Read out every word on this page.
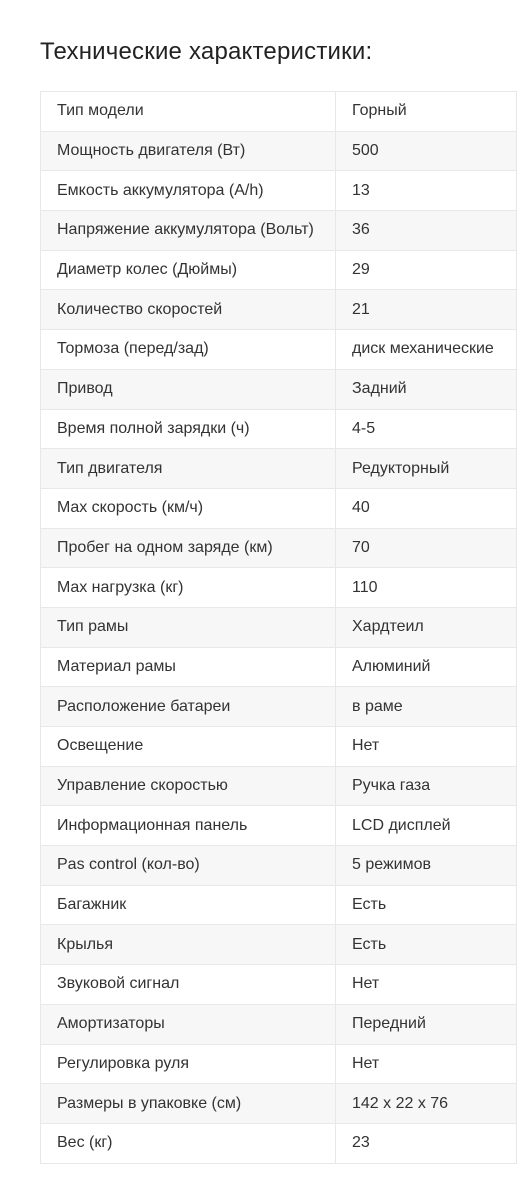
Технические характеристики:
Тип модели	Горный
Мощность двигателя (Вт)	500
Емкость аккумулятора (A/h)	13
Напряжение аккумулятора (Вольт)	36
Диаметр колес (Дюймы)	29
Количество скоростей	21
Тормоза (перед/зад)	диск механические
Привод	Задний
Время полной зарядки (ч)	4-5
Тип двигателя	Редукторный
Max скорость (км/ч)	40
Пробег на одном заряде (км)	70
Max нагрузка (кг)	110
Тип рамы	Хардтеил
Материал рамы	Алюминий
Расположение батареи	в раме
Освещение	Нет
Управление скоростью	Ручка газа
Информационная панель	LCD дисплей
Pas control (кол-во)	5 режимов
Багажник	Есть
Крылья	Есть
Звуковой сигнал	Нет
Амортизаторы	Передний
Регулировка руля	Нет
Размеры в упаковке (см)	142 x 22 x 76
Вес (кг)	23
